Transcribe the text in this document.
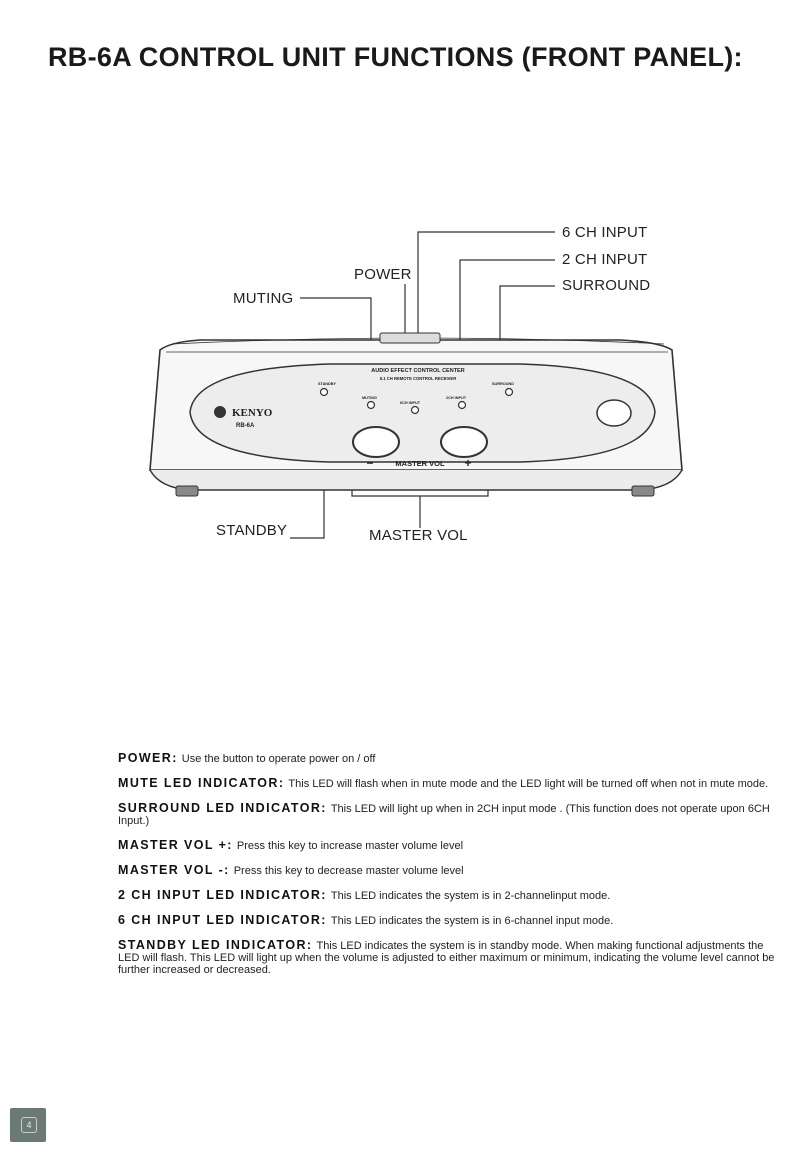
RB-6A CONTROL UNIT FUNCTIONS (FRONT PANEL):
KENYO
RB-6A
AUDIO EFFECT CONTROL CENTER
5.1 CH REMOTE CONTROL RECEIVER
STANDBY
MUTING
6CH INPUT
2CH INPUT
SURROUND
MASTER VOL
−	+
6 CH INPUT
2 CH INPUT
SURROUND
POWER
MUTING
STANDBY	MASTER VOL
POWER: Use the button to operate power on / off
MUTE LED INDICATOR: This LED will flash when in mute mode and the LED light will be turned off when not in mute mode.
SURROUND LED INDICATOR: This LED will light up when in 2CH input mode . (This function does not operate upon 6CH Input.)
MASTER VOL +: Press this key to increase master volume level
MASTER VOL -: Press this key to decrease master volume level
2 CH INPUT LED INDICATOR: This LED indicates the system is in 2-channelinput mode.
6 CH INPUT LED INDICATOR: This LED indicates the system is in 6-channel input mode.
STANDBY LED INDICATOR: This LED indicates the system is in standby mode. When making functional adjustments the LED will flash. This LED will light up when the volume is adjusted to either maximum or minimum, indicating the volume level cannot be further increased or decreased.
4
